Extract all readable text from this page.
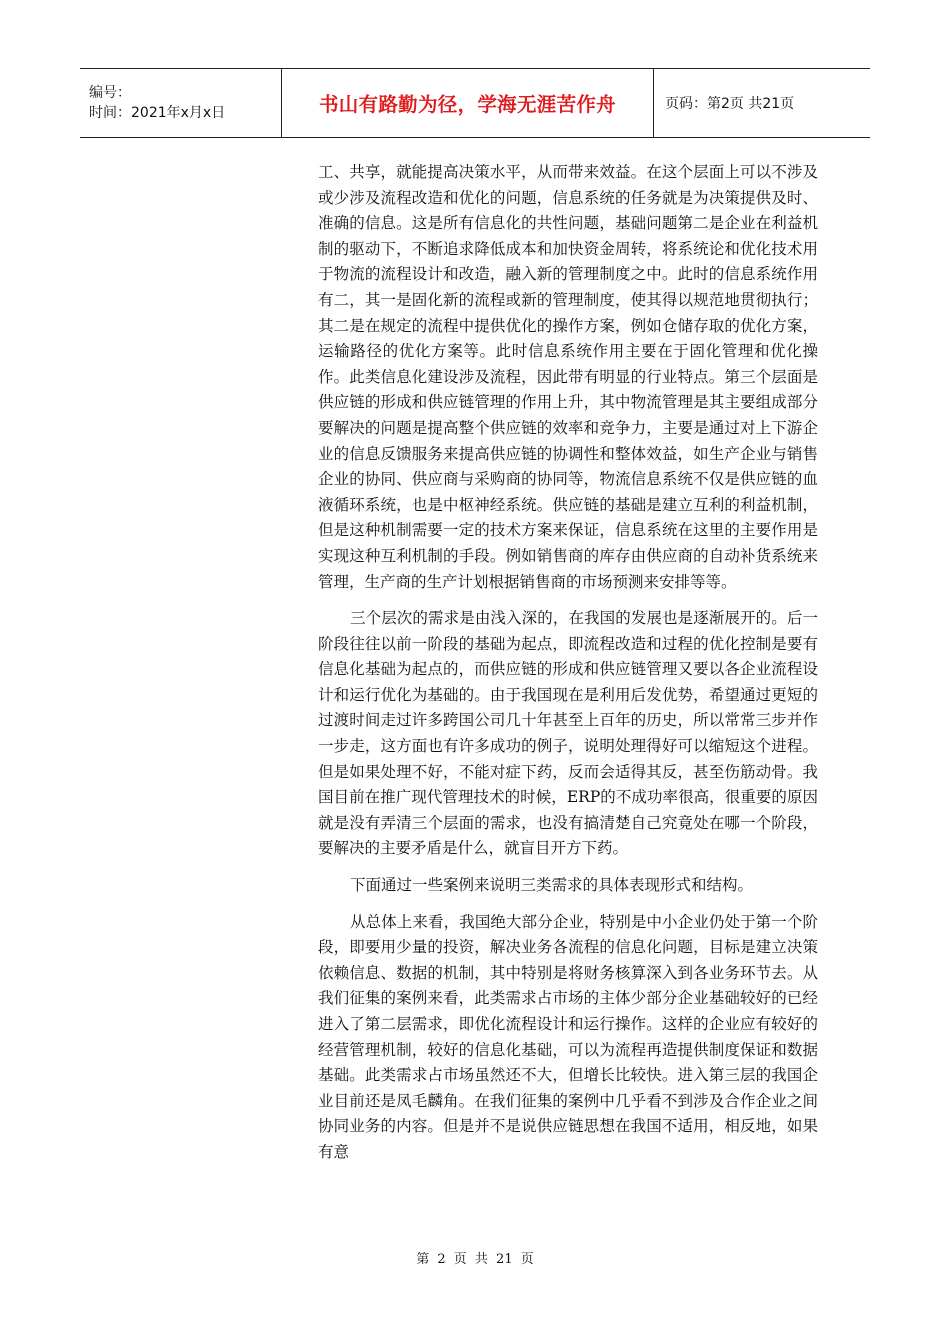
编号：
时间：2021年x月x日	书山有路勤为径，学海无涯苦作舟	页码：第2页 共21页

工、共享，就能提高决策水平，从而带来效益。在这个层面上可以不涉及或少涉及流程改造和优化的问题，信息系统的任务就是为决策提供及时、准确的信息。这是所有信息化的共性问题，基础问题第二是企业在利益机制的驱动下，不断追求降低成本和加快资金周转，将系统论和优化技术用于物流的流程设计和改造，融入新的管理制度之中。此时的信息系统作用有二，其一是固化新的流程或新的管理制度，使其得以规范地贯彻执行；其二是在规定的流程中提供优化的操作方案，例如仓储存取的优化方案，运输路径的优化方案等。此时信息系统作用主要在于固化管理和优化操作。此类信息化建设涉及流程，因此带有明显的行业特点。第三个层面是供应链的形成和供应链管理的作用上升，其中物流管理是其主要组成部分要解决的问题是提高整个供应链的效率和竞争力，主要是通过对上下游企业的信息反馈服务来提高供应链的协调性和整体效益，如生产企业与销售企业的协同、供应商与采购商的协同等，物流信息系统不仅是供应链的血液循环系统，也是中枢神经系统。供应链的基础是建立互利的利益机制，但是这种机制需要一定的技术方案来保证，信息系统在这里的主要作用是实现这种互利机制的手段。例如销售商的库存由供应商的自动补货系统来管理，生产商的生产计划根据销售商的市场预测来安排等等。

三个层次的需求是由浅入深的，在我国的发展也是逐渐展开的。后一阶段往往以前一阶段的基础为起点，即流程改造和过程的优化控制是要有信息化基础为起点的，而供应链的形成和供应链管理又要以各企业流程设计和运行优化为基础的。由于我国现在是利用后发优势，希望通过更短的过渡时间走过许多跨国公司几十年甚至上百年的历史，所以常常三步并作一步走，这方面也有许多成功的例子，说明处理得好可以缩短这个进程。但是如果处理不好，不能对症下药，反而会适得其反，甚至伤筋动骨。我国目前在推广现代管理技术的时候，ERP的不成功率很高，很重要的原因就是没有弄清三个层面的需求，也没有搞清楚自己究竟处在哪一个阶段，要解决的主要矛盾是什么，就盲目开方下药。

下面通过一些案例来说明三类需求的具体表现形式和结构。

从总体上来看，我国绝大部分企业，特别是中小企业仍处于第一个阶段，即要用少量的投资，解决业务各流程的信息化问题，目标是建立决策依赖信息、数据的机制，其中特别是将财务核算深入到各业务环节去。从我们征集的案例来看，此类需求占市场的主体少部分企业基础较好的已经进入了第二层需求，即优化流程设计和运行操作。这样的企业应有较好的经营管理机制，较好的信息化基础，可以为流程再造提供制度保证和数据基础。此类需求占市场虽然还不大，但增长比较快。进入第三层的我国企业目前还是凤毛麟角。在我们征集的案例中几乎看不到涉及合作企业之间协同业务的内容。但是并不是说供应链思想在我国不适用，相反地，如果有意

第 2 页 共 21 页
